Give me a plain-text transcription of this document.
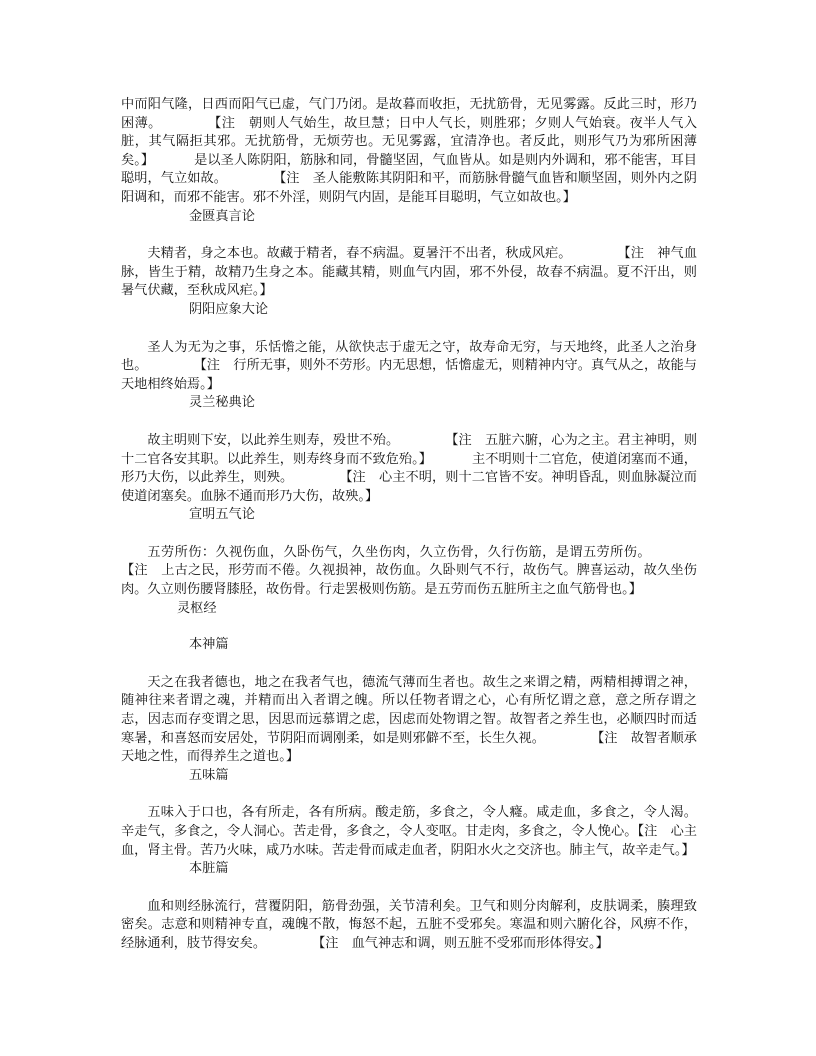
中而阳气隆，日西而阳气已虚，气门乃闭。是故暮而收拒，无扰筋骨，无见雾露。反此三时，形乃困薄。	【注　朝则人气始生，故旦慧；日中人气长，则胜邪；夕则人气始衰。夜半人气入脏，其气隔拒其邪。无扰筋骨，无烦劳也。无见雾露，宜清净也。者反此，则形气乃为邪所困薄矣。】	是以圣人陈阴阳，筋脉和同，骨髓坚固，气血皆从。如是则内外调和，邪不能害，耳目聪明，气立如故。	【注　圣人能敷陈其阴阳和平，而筋脉骨髓气血皆和顺坚固，则外内之阴阳调和，而邪不能害。邪不外淫，则阴气内固，是能耳目聪明，气立如故也。】

金匮真言论

夫精者，身之本也。故藏于精者，春不病温。夏暑汗不出者，秋成风疟。	【注　神气血脉，皆生于精，故精乃生身之本。能藏其精，则血气内固，邪不外侵，故春不病温。夏不汗出，则暑气伏藏，至秋成风疟。】

阴阳应象大论

圣人为无为之事，乐恬憺之能，从欲快志于虚无之守，故寿命无穷，与天地终，此圣人之治身也。	【注　行所无事，则外不劳形。内无思想，恬憺虚无，则精神内守。真气从之，故能与天地相终始焉。】

灵兰秘典论

故主明则下安，以此养生则寿，殁世不殆。	【注　五脏六腑，心为之主。君主神明，则十二官各安其职。以此养生，则寿终身而不致危殆。】	主不明则十二官危，使道闭塞而不通，形乃大伤，以此养生，则殃。	【注　心主不明，则十二官皆不安。神明昏乱，则血脉凝泣而使道闭塞矣。血脉不通而形乃大伤，故殃。】

宣明五气论

五劳所伤：久视伤血，久卧伤气，久坐伤肉，久立伤骨，久行伤筋，是谓五劳所伤。【注　上古之民，形劳而不倦。久视损神，故伤血。久卧则气不行，故伤气。脾喜运动，故久坐伤肉。久立则伤腰肾膝胫，故伤骨。行走罢极则伤筋。是五劳而伤五脏所主之血气筋骨也。】

灵枢经

本神篇

天之在我者德也，地之在我者气也，德流气薄而生者也。故生之来谓之精，两精相搏谓之神，随神往来者谓之魂，并精而出入者谓之魄。所以任物者谓之心，心有所忆谓之意，意之所存谓之志，因志而存变谓之思，因思而远慕谓之虑，因虑而处物谓之智。故智者之养生也，必顺四时而适寒暑，和喜怒而安居处，节阴阳而调刚柔，如是则邪僻不至，长生久视。	【注　故智者顺承天地之性，而得养生之道也。】

五味篇

五味入于口也，各有所走，各有所病。酸走筋，多食之，令人癃。咸走血，多食之，令人渴。辛走气，多食之，令人洞心。苦走骨，多食之，令人变呕。甘走肉，多食之，令人悗心。【注　心主血，肾主骨。苦乃火味，咸乃水味。苦走骨而咸走血者，阴阳水火之交济也。肺主气，故辛走气。】

本脏篇

血和则经脉流行，营覆阴阳，筋骨劲强，关节清利矣。卫气和则分肉解利，皮肤调柔，腠理致密矣。志意和则精神专直，魂魄不散，悔怒不起，五脏不受邪矣。寒温和则六腑化谷，风痹不作，经脉通利，肢节得安矣。	【注　血气神志和调，则五脏不受邪而形体得安。】
